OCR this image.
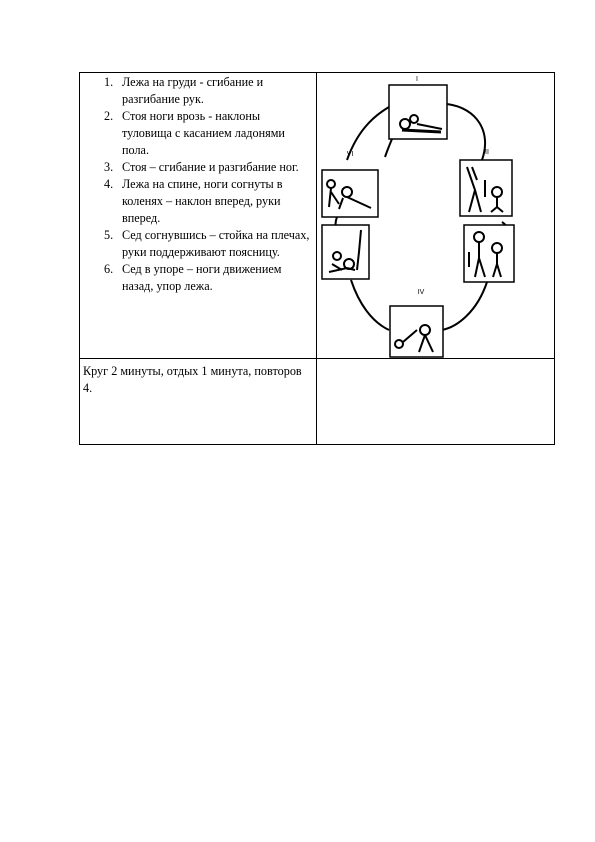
1. Лежа на груди - сгибание и разгибание рук.
2. Стоя ноги врозь - наклоны туловища с касанием ладонями пола.
3. Стоя – сгибание и разгибание ног.
4. Лежа на спине, ноги согнуты в коленях – наклон вперед, руки вперед.
5. Сед согнувшись – стойка на плечах, руки поддерживают поясницу.
6. Сед в упоре – ноги движением назад, упор лежа.
Круг 2 минуты, отдых 1 минута, повторов 4.
I
II
IV
VI
